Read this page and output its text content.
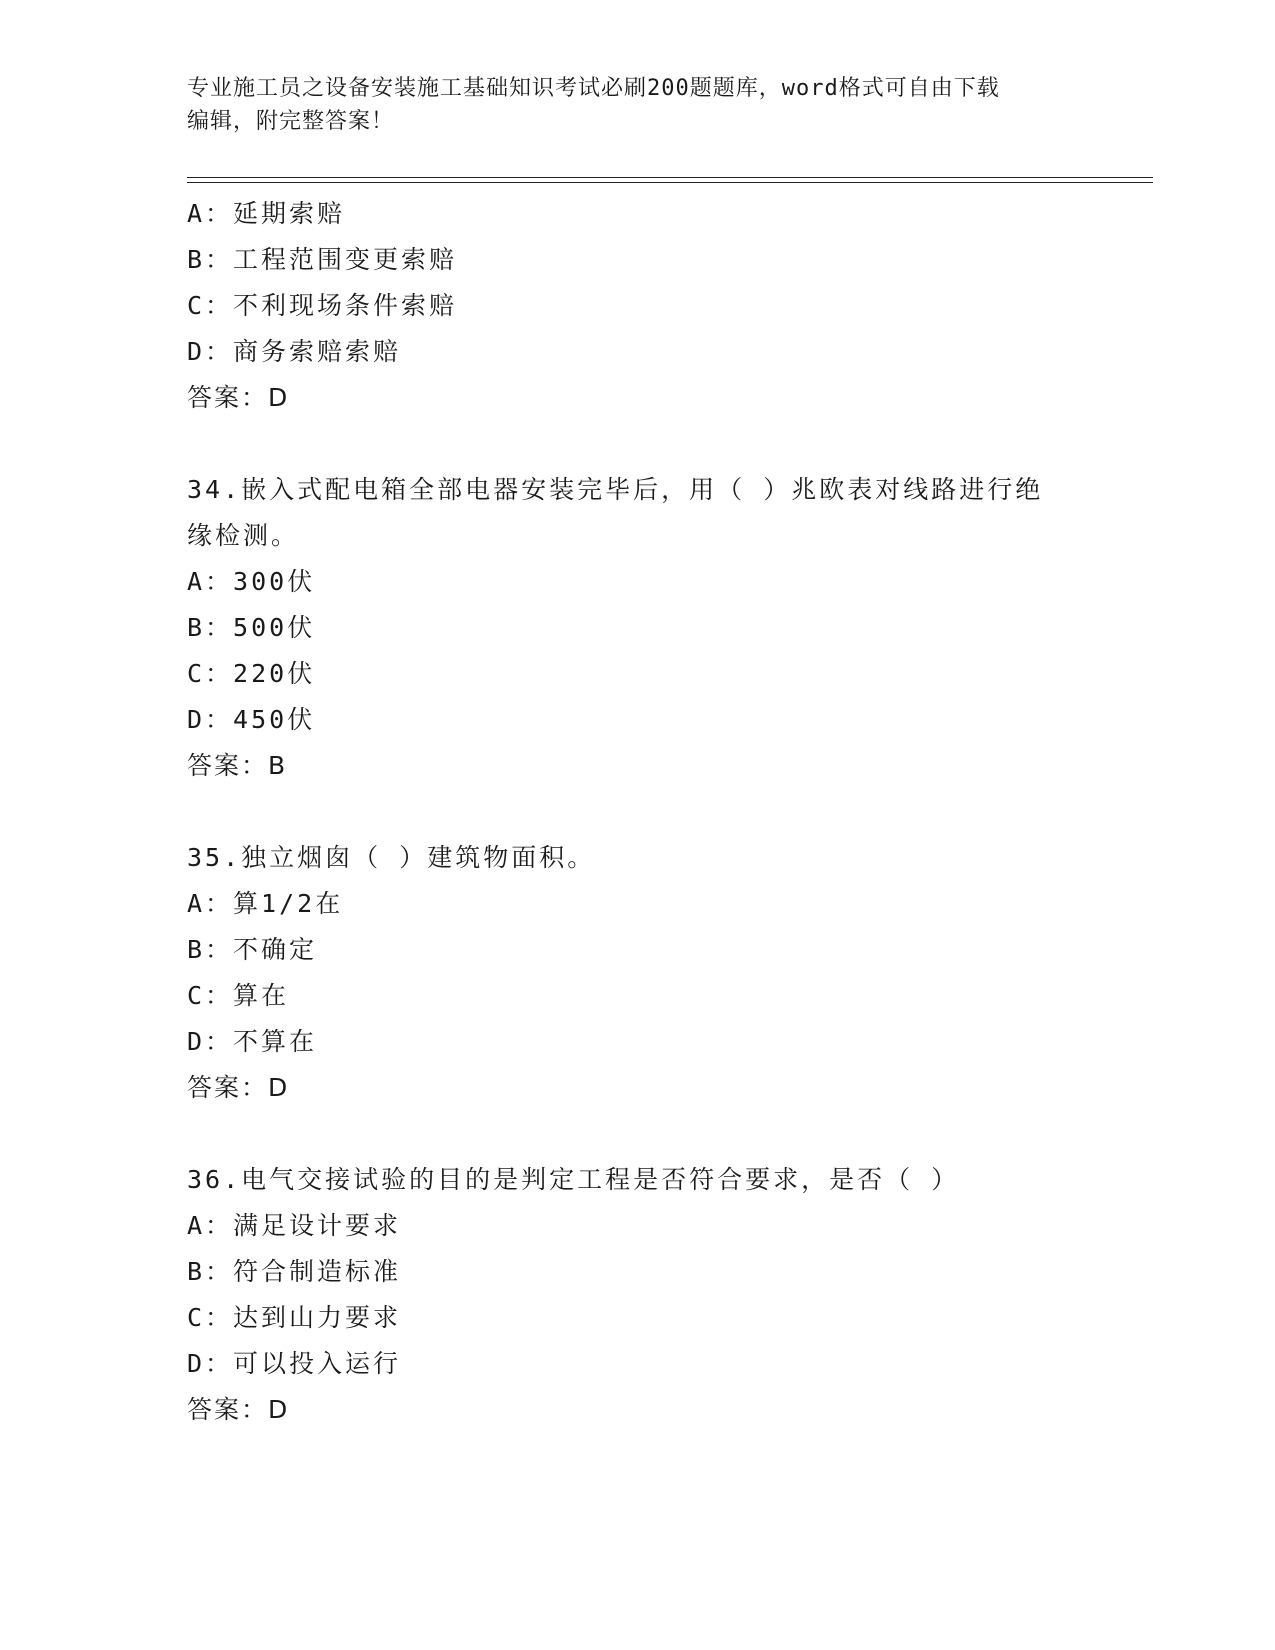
专业施工员之设备安装施工基础知识考试必刷200题题库，word格式可自由下载
编辑，附完整答案！
A：延期索赔
B：工程范围变更索赔
C：不利现场条件索赔
D：商务索赔索赔
答案：D
34.嵌入式配电箱全部电器安装完毕后，用（ ）兆欧表对线路进行绝
缘检测。
A：300伏
B：500伏
C：220伏
D：450伏
答案：B
35.独立烟囱（ ）建筑物面积。
A：算1/2在
B：不确定
C：算在
D：不算在
答案：D
36.电气交接试验的目的是判定工程是否符合要求，是否（ ）
A：满足设计要求
B：符合制造标准
C：达到山力要求
D：可以投入运行
答案：D
